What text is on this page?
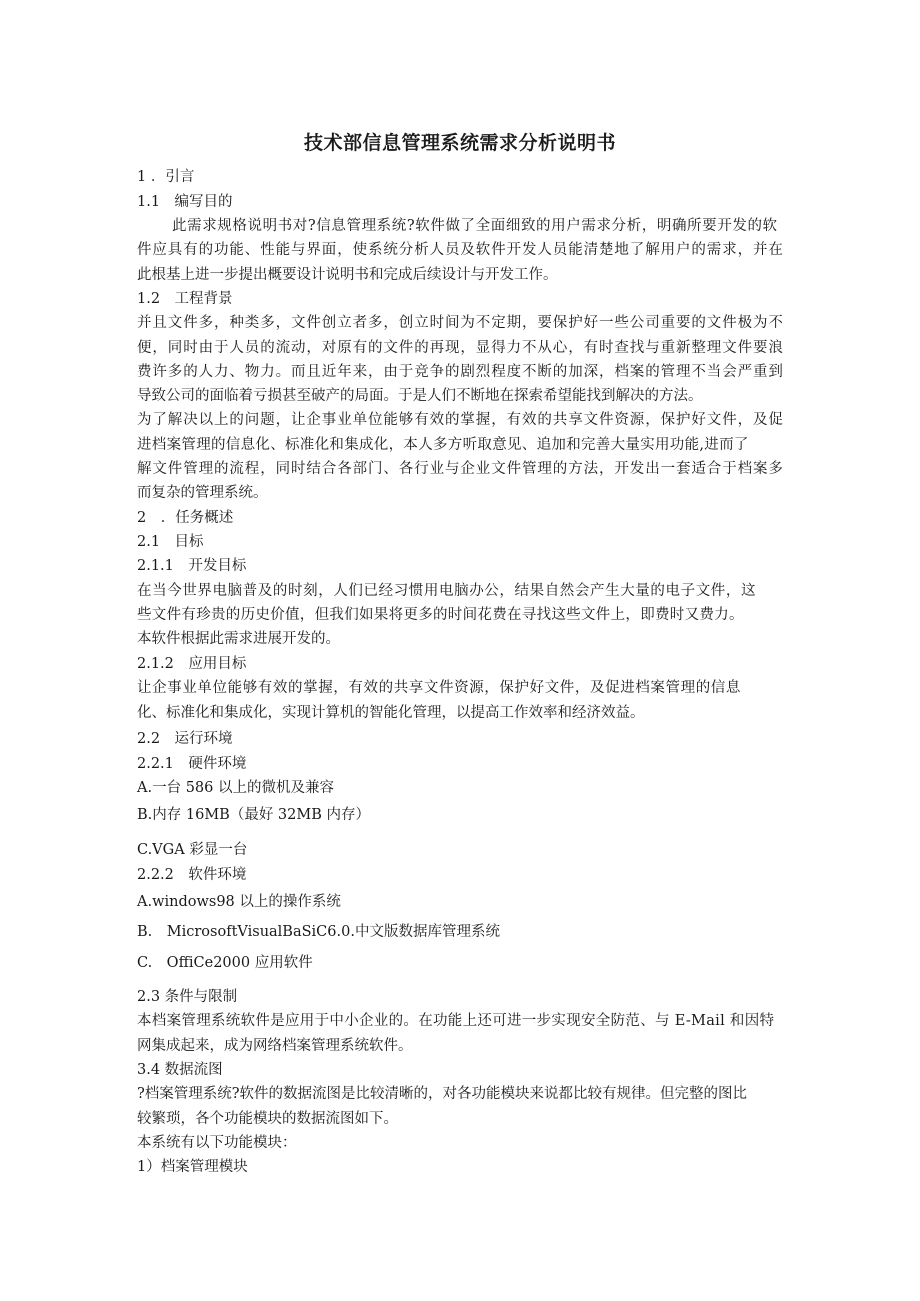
技术部信息管理系统需求分析说明书
1 ．引言
1.1　编写目的
此需求规格说明书对?信息管理系统?软件做了全面细致的用户需求分析，明确所要开发的软
件应具有的功能、性能与界面，使系统分析人员及软件开发人员能清楚地了解用户的需求，并在
此根基上进一步提出概要设计说明书和完成后续设计与开发工作。
1.2　工程背景
并且文件多，种类多，文件创立者多，创立时间为不定期，要保护好一些公司重要的文件极为不
便，同时由于人员的流动，对原有的文件的再现，显得力不从心，有时查找与重新整理文件要浪
费许多的人力、物力。而且近年来，由于竞争的剧烈程度不断的加深，档案的管理不当会严重到
导致公司的面临着亏损甚至破产的局面。于是人们不断地在探索希望能找到解决的方法。
为了解决以上的问题，让企事业单位能够有效的掌握，有效的共享文件资源，保护好文件，及促
进档案管理的信息化、标准化和集成化，本人多方听取意见、追加和完善大量实用功能,进而了
解文件管理的流程，同时结合各部门、各行业与企业文件管理的方法，开发出一套适合于档案多
而复杂的管理系统。
2　．任务概述
2.1　目标
2.1.1　开发目标
在当今世界电脑普及的时刻，人们已经习惯用电脑办公，结果自然会产生大量的电子文件，这
些文件有珍贵的历史价值，但我们如果将更多的时间花费在寻找这些文件上，即费时又费力。
本软件根据此需求进展开发的。
2.1.2　应用目标
让企事业单位能够有效的掌握，有效的共享文件资源，保护好文件，及促进档案管理的信息
化、标准化和集成化，实现计算机的智能化管理，以提高工作效率和经济效益。
2.2　运行环境
2.2.1　硬件环境
A.一台 586 以上的微机及兼容
B.内存 16MB（最好 32MB 内存）
C.VGA 彩显一台
2.2.2　软件环境
A.windows98 以上的操作系统
B.　MicrosoftVisualBaSiC6.0.中文版数据库管理系统
C.　OffiCe2000 应用软件
2.3 条件与限制
本档案管理系统软件是应用于中小企业的。在功能上还可进一步实现安全防范、与 E-Mail 和因特
网集成起来，成为网络档案管理系统软件。
3.4 数据流图
?档案管理系统?软件的数据流图是比较清晰的，对各功能模块来说都比较有规律。但完整的图比
较繁琐，各个功能模块的数据流图如下。
本系统有以下功能模块：
1）档案管理模块
